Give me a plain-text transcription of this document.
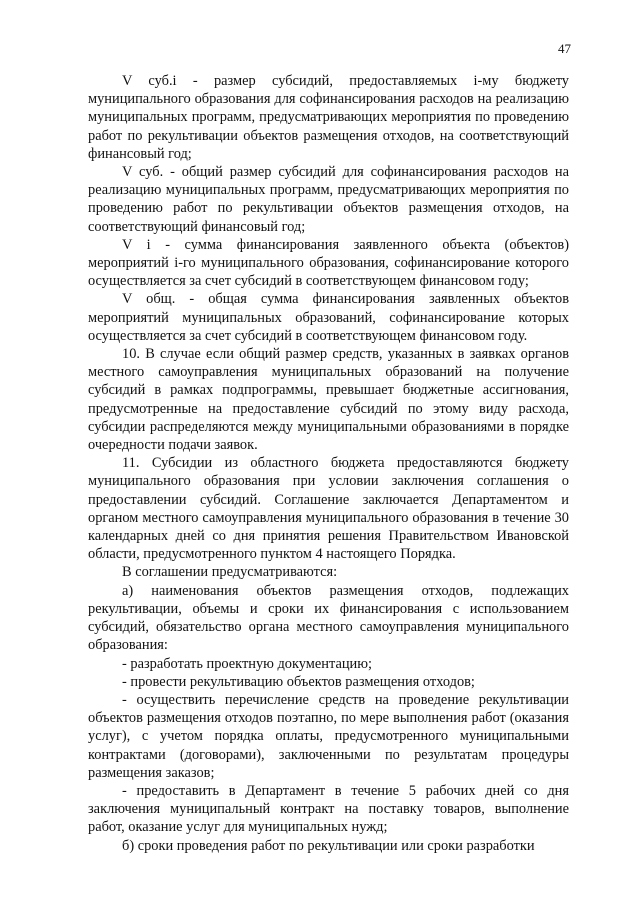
47

V суб.i - размер субсидий, предоставляемых i-му бюджету муниципального образования для софинансирования расходов на реализацию муниципальных программ, предусматривающих мероприятия по проведению работ по рекультивации объектов размещения отходов, на соответствующий финансовый год;

V суб. - общий размер субсидий для софинансирования расходов на реализацию муниципальных программ, предусматривающих мероприятия по проведению работ по рекультивации объектов размещения отходов, на соответствующий финансовый год;

V i - сумма финансирования заявленного объекта (объектов) мероприятий i-го муниципального образования, софинансирование которого осуществляется за счет субсидий в соответствующем финансовом году;

V общ. - общая сумма финансирования заявленных объектов мероприятий муниципальных образований, софинансирование которых осуществляется за счет субсидий в соответствующем финансовом году.

10. В случае если общий размер средств, указанных в заявках органов местного самоуправления муниципальных образований на получение субсидий в рамках подпрограммы, превышает бюджетные ассигнования, предусмотренные на предоставление субсидий по этому виду расхода, субсидии распределяются между муниципальными образованиями в порядке очередности подачи заявок.

11. Субсидии из областного бюджета предоставляются бюджету муниципального образования при условии заключения соглашения о предоставлении субсидий. Соглашение заключается Департаментом и органом местного самоуправления муниципального образования в течение 30 календарных дней со дня принятия решения Правительством Ивановской области, предусмотренного пунктом 4 настоящего Порядка.

В соглашении предусматриваются:

а) наименования объектов размещения отходов, подлежащих рекультивации, объемы и сроки их финансирования с использованием субсидий, обязательство органа местного самоуправления муниципального образования:

- разработать проектную документацию;

- провести рекультивацию объектов размещения отходов;

- осуществить перечисление средств на проведение рекультивации объектов размещения отходов поэтапно, по мере выполнения работ (оказания услуг), с учетом порядка оплаты, предусмотренного муниципальными контрактами (договорами), заключенными по результатам процедуры размещения заказов;

- предоставить в Департамент в течение 5 рабочих дней со дня заключения муниципальный контракт на поставку товаров, выполнение работ, оказание услуг для муниципальных нужд;

б) сроки проведения работ по рекультивации или сроки разработки
